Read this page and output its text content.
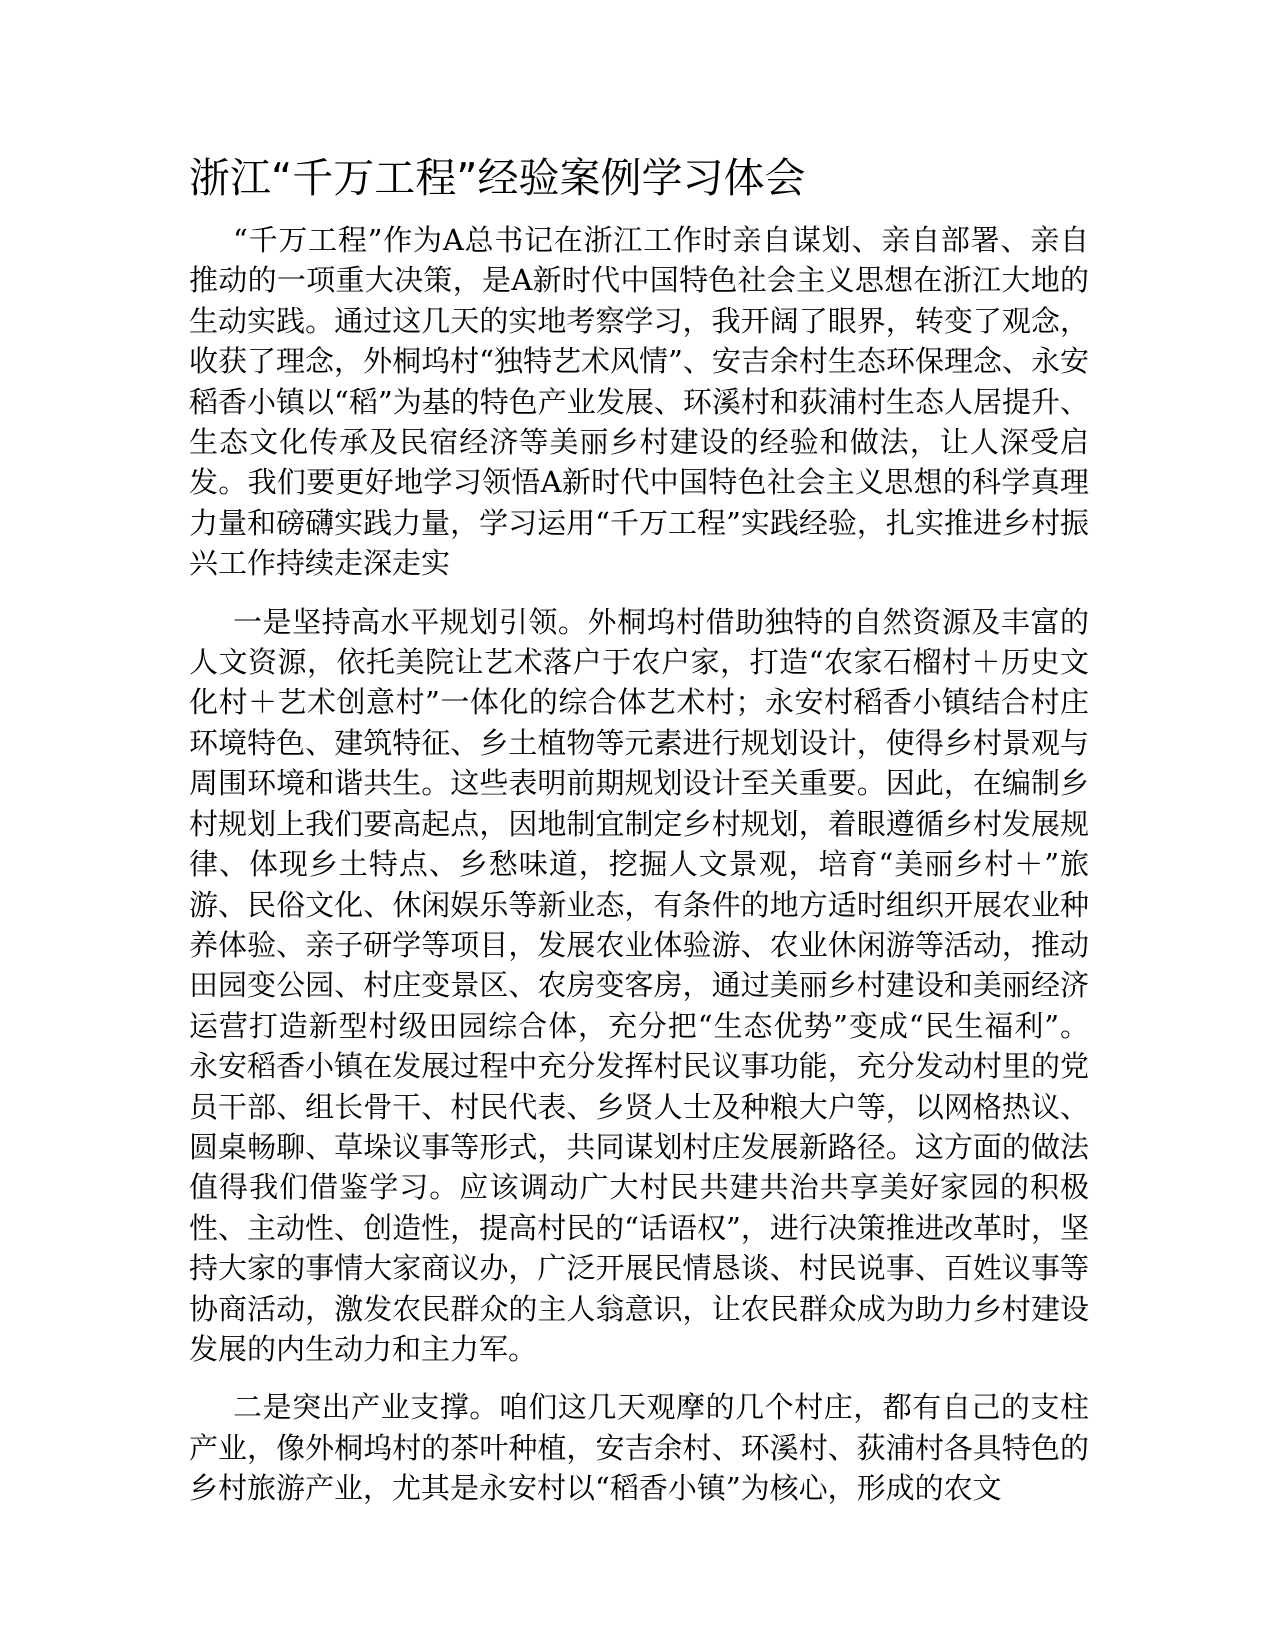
浙江“千万工程”经验案例学习体会

“千万工程”作为A总书记在浙江工作时亲自谋划、亲自部署、亲自推动的一项重大决策，是A新时代中国特色社会主义思想在浙江大地的生动实践。通过这几天的实地考察学习，我开阔了眼界，转变了观念，收获了理念，外桐坞村“独特艺术风情”、安吉余村生态环保理念、永安稻香小镇以“稻”为基的特色产业发展、环溪村和荻浦村生态人居提升、生态文化传承及民宿经济等美丽乡村建设的经验和做法，让人深受启发。我们要更好地学习领悟A新时代中国特色社会主义思想的科学真理力量和磅礴实践力量，学习运用“千万工程”实践经验，扎实推进乡村振兴工作持续走深走实

一是坚持高水平规划引领。外桐坞村借助独特的自然资源及丰富的人文资源，依托美院让艺术落户于农户家，打造“农家石榴村＋历史文化村＋艺术创意村”一体化的综合体艺术村；永安村稻香小镇结合村庄环境特色、建筑特征、乡土植物等元素进行规划设计，使得乡村景观与周围环境和谐共生。这些表明前期规划设计至关重要。因此，在编制乡村规划上我们要高起点，因地制宜制定乡村规划，着眼遵循乡村发展规律、体现乡土特点、乡愁味道，挖掘人文景观，培育“美丽乡村＋”旅游、民俗文化、休闲娱乐等新业态，有条件的地方适时组织开展农业种养体验、亲子研学等项目，发展农业体验游、农业休闲游等活动，推动田园变公园、村庄变景区、农房变客房，通过美丽乡村建设和美丽经济运营打造新型村级田园综合体，充分把“生态优势”变成“民生福利”。永安稻香小镇在发展过程中充分发挥村民议事功能，充分发动村里的党员干部、组长骨干、村民代表、乡贤人士及种粮大户等，以网格热议、圆桌畅聊、草垛议事等形式，共同谋划村庄发展新路径。这方面的做法值得我们借鉴学习。应该调动广大村民共建共治共享美好家园的积极性、主动性、创造性，提高村民的“话语权”，进行决策推进改革时，坚持大家的事情大家商议办，广泛开展民情恳谈、村民说事、百姓议事等协商活动，激发农民群众的主人翁意识，让农民群众成为助力乡村建设发展的内生动力和主力军。

二是突出产业支撑。咱们这几天观摩的几个村庄，都有自己的支柱产业，像外桐坞村的茶叶种植，安吉余村、环溪村、荻浦村各具特色的乡村旅游产业，尤其是永安村以“稻香小镇”为核心，形成的农文
